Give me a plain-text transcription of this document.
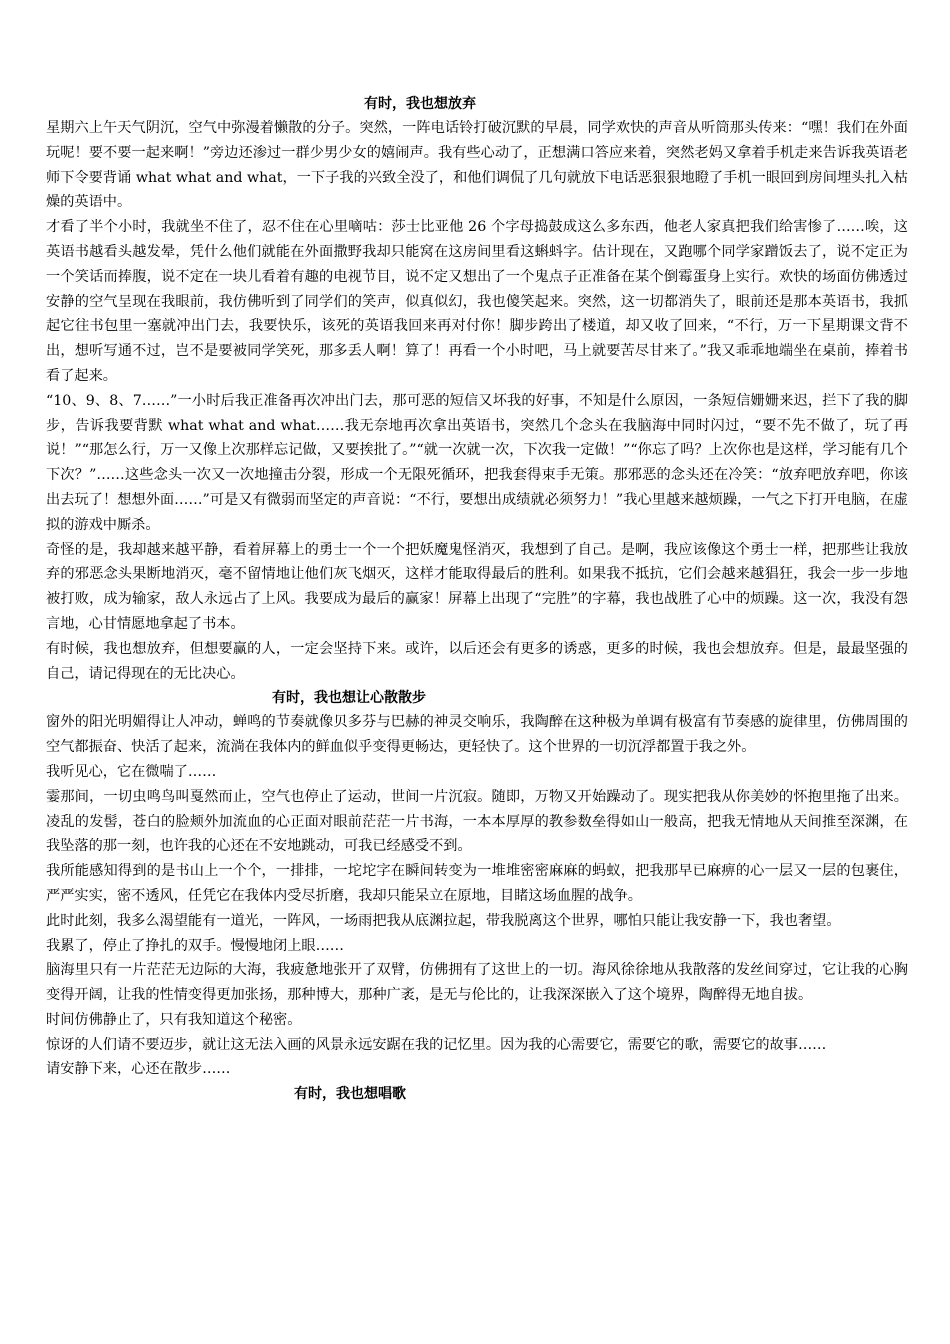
有时，我也想放弃

星期六上午天气阴沉，空气中弥漫着懒散的分子。突然，一阵电话铃打破沉默的早晨，同学欢快的声音从听筒那头传来：“嘿！我们在外面玩呢！要不要一起来啊！”旁边还渗过一群少男少女的嬉闹声。我有些心动了，正想满口答应来着，突然老妈又拿着手机走来告诉我英语老师下令要背诵 what what and what，一下子我的兴致全没了，和他们调侃了几句就放下电话恶狠狠地瞪了手机一眼回到房间埋头扎入枯燥的英语中。

才看了半个小时，我就坐不住了，忍不住在心里嘀咕：莎士比亚他 26 个字母捣鼓成这么多东西，他老人家真把我们给害惨了……唉，这英语书越看头越发晕，凭什么他们就能在外面撒野我却只能窝在这房间里看这蝌蚪字。估计现在，又跑哪个同学家蹭饭去了，说不定正为一个笑话而捧腹，说不定在一块儿看着有趣的电视节目，说不定又想出了一个鬼点子正准备在某个倒霉蛋身上实行。欢快的场面仿佛透过安静的空气呈现在我眼前，我仿佛听到了同学们的笑声，似真似幻，我也傻笑起来。突然，这一切都消失了，眼前还是那本英语书，我抓起它往书包里一塞就冲出门去，我要快乐，该死的英语我回来再对付你！脚步跨出了楼道，却又收了回来，“不行，万一下星期课文背不出，想听写通不过，岂不是要被同学笑死，那多丢人啊！算了！再看一个小时吧，马上就要苦尽甘来了。”我又乖乖地端坐在桌前，捧着书看了起来。

“10、9、8、7……”一小时后我正准备再次冲出门去，那可恶的短信又坏我的好事，不知是什么原因，一条短信姗姗来迟，拦下了我的脚步，告诉我要背默 what what and what……我无奈地再次拿出英语书，突然几个念头在我脑海中同时闪过，“要不先不做了，玩了再说！”“那怎么行，万一又像上次那样忘记做，又要挨批了。”“就一次就一次，下次我一定做！”“你忘了吗？上次你也是这样，学习能有几个下次？”……这些念头一次又一次地撞击分裂，形成一个无限死循环，把我套得束手无策。那邪恶的念头还在冷笑：“放弃吧放弃吧，你该出去玩了！想想外面……”可是又有微弱而坚定的声音说：“不行，要想出成绩就必须努力！”我心里越来越烦躁，一气之下打开电脑，在虚拟的游戏中厮杀。

奇怪的是，我却越来越平静，看着屏幕上的勇士一个一个把妖魔鬼怪消灭，我想到了自己。是啊，我应该像这个勇士一样，把那些让我放弃的邪恶念头果断地消灭，毫不留情地让他们灰飞烟灭，这样才能取得最后的胜利。如果我不抵抗，它们会越来越猖狂，我会一步一步地被打败，成为输家，敌人永远占了上风。我要成为最后的赢家！屏幕上出现了“完胜”的字幕，我也战胜了心中的烦躁。这一次，我没有怨言地，心甘情愿地拿起了书本。

有时候，我也想放弃，但想要赢的人，一定会坚持下来。或许，以后还会有更多的诱惑，更多的时候，我也会想放弃。但是，最最坚强的自己，请记得现在的无比决心。

有时，我也想让心散散步

窗外的阳光明媚得让人冲动，蝉鸣的节奏就像贝多芬与巴赫的神灵交响乐，我陶醉在这种极为单调有极富有节奏感的旋律里，仿佛周围的空气都振奋、快活了起来，流淌在我体内的鲜血似乎变得更畅达，更轻快了。这个世界的一切沉浮都置于我之外。

我听见心，它在微喘了……

霎那间，一切虫鸣鸟叫戛然而止，空气也停止了运动，世间一片沉寂。随即，万物又开始躁动了。现实把我从你美妙的怀抱里拖了出来。凌乱的发髻，苍白的脸颊外加流血的心正面对眼前茫茫一片书海，一本本厚厚的教参数垒得如山一般高，把我无情地从天间推至深渊，在我坠落的那一刻，也许我的心还在不安地跳动，可我已经感受不到。

我所能感知得到的是书山上一个个，一排排，一坨坨字在瞬间转变为一堆堆密密麻麻的蚂蚁，把我那早已麻痹的心一层又一层的包裹住，严严实实，密不透风，任凭它在我体内受尽折磨，我却只能呆立在原地，目睹这场血腥的战争。

此时此刻，我多么渴望能有一道光，一阵风，一场雨把我从底渊拉起，带我脱离这个世界，哪怕只能让我安静一下，我也奢望。

我累了，停止了挣扎的双手。慢慢地闭上眼……

脑海里只有一片茫茫无边际的大海，我疲惫地张开了双臂，仿佛拥有了这世上的一切。海风徐徐地从我散落的发丝间穿过，它让我的心胸变得开阔，让我的性情变得更加张扬，那种博大，那种广袤，是无与伦比的，让我深深嵌入了这个境界，陶醉得无地自拔。

时间仿佛静止了，只有我知道这个秘密。

惊讶的人们请不要迈步，就让这无法入画的风景永远安踞在我的记忆里。因为我的心需要它，需要它的歌，需要它的故事……

请安静下来，心还在散步……

有时，我也想唱歌
